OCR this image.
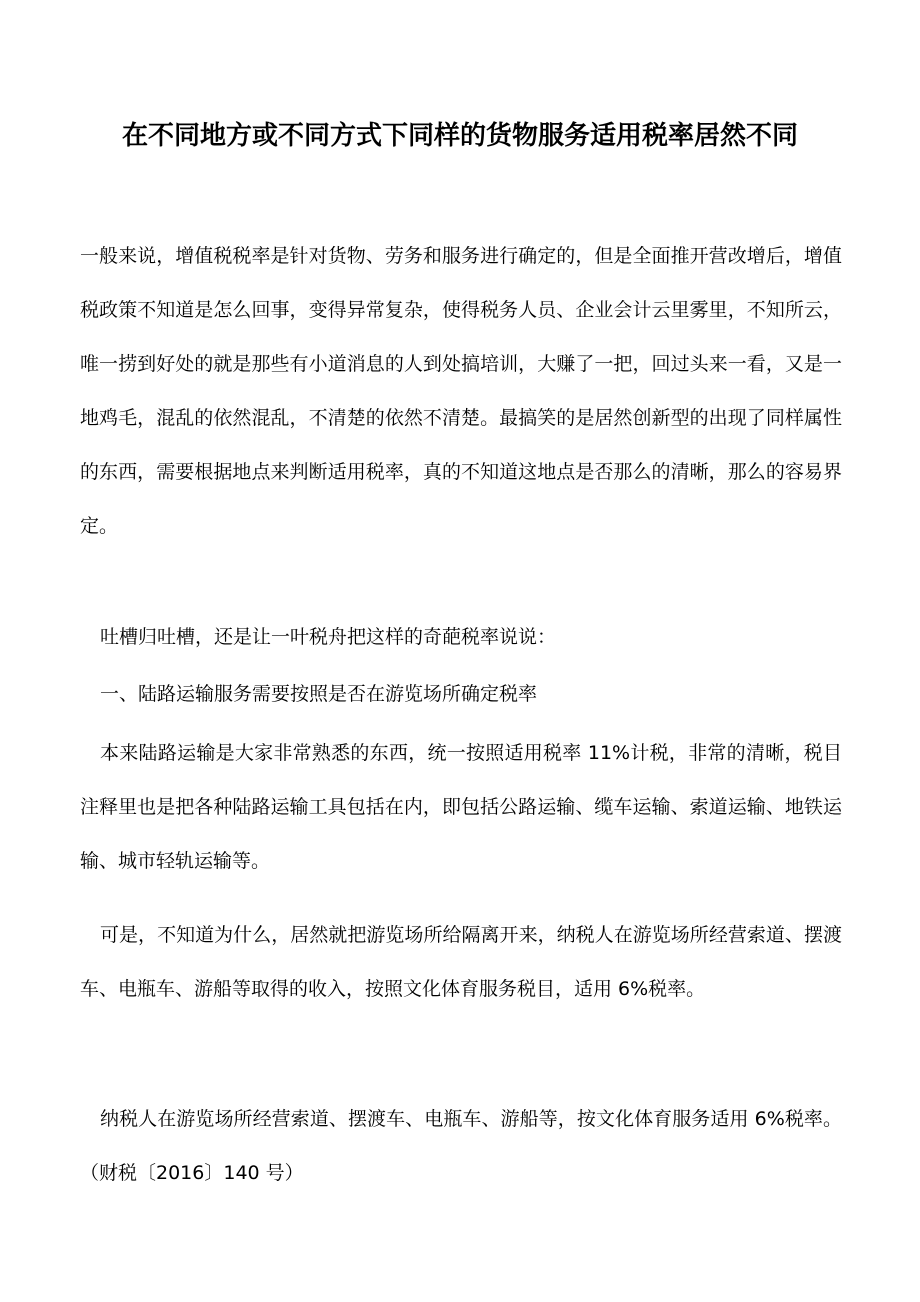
在不同地方或不同方式下同样的货物服务适用税率居然不同
一般来说，增值税税率是针对货物、劳务和服务进行确定的，但是全面推开营改增后，增值税政策不知道是怎么回事，变得异常复杂，使得税务人员、企业会计云里雾里，不知所云，唯一捞到好处的就是那些有小道消息的人到处搞培训，大赚了一把，回过头来一看，又是一地鸡毛，混乱的依然混乱，不清楚的依然不清楚。最搞笑的是居然创新型的出现了同样属性的东西，需要根据地点来判断适用税率，真的不知道这地点是否那么的清晰，那么的容易界定。
吐槽归吐槽，还是让一叶税舟把这样的奇葩税率说说：
一、陆路运输服务需要按照是否在游览场所确定税率
本来陆路运输是大家非常熟悉的东西，统一按照适用税率 11%计税，非常的清晰，税目注释里也是把各种陆路运输工具包括在内，即包括公路运输、缆车运输、索道运输、地铁运输、城市轻轨运输等。
可是，不知道为什么，居然就把游览场所给隔离开来，纳税人在游览场所经营索道、摆渡车、电瓶车、游船等取得的收入，按照文化体育服务税目，适用 6%税率。
纳税人在游览场所经营索道、摆渡车、电瓶车、游船等，按文化体育服务适用 6%税率。（财税〔2016〕140 号）
